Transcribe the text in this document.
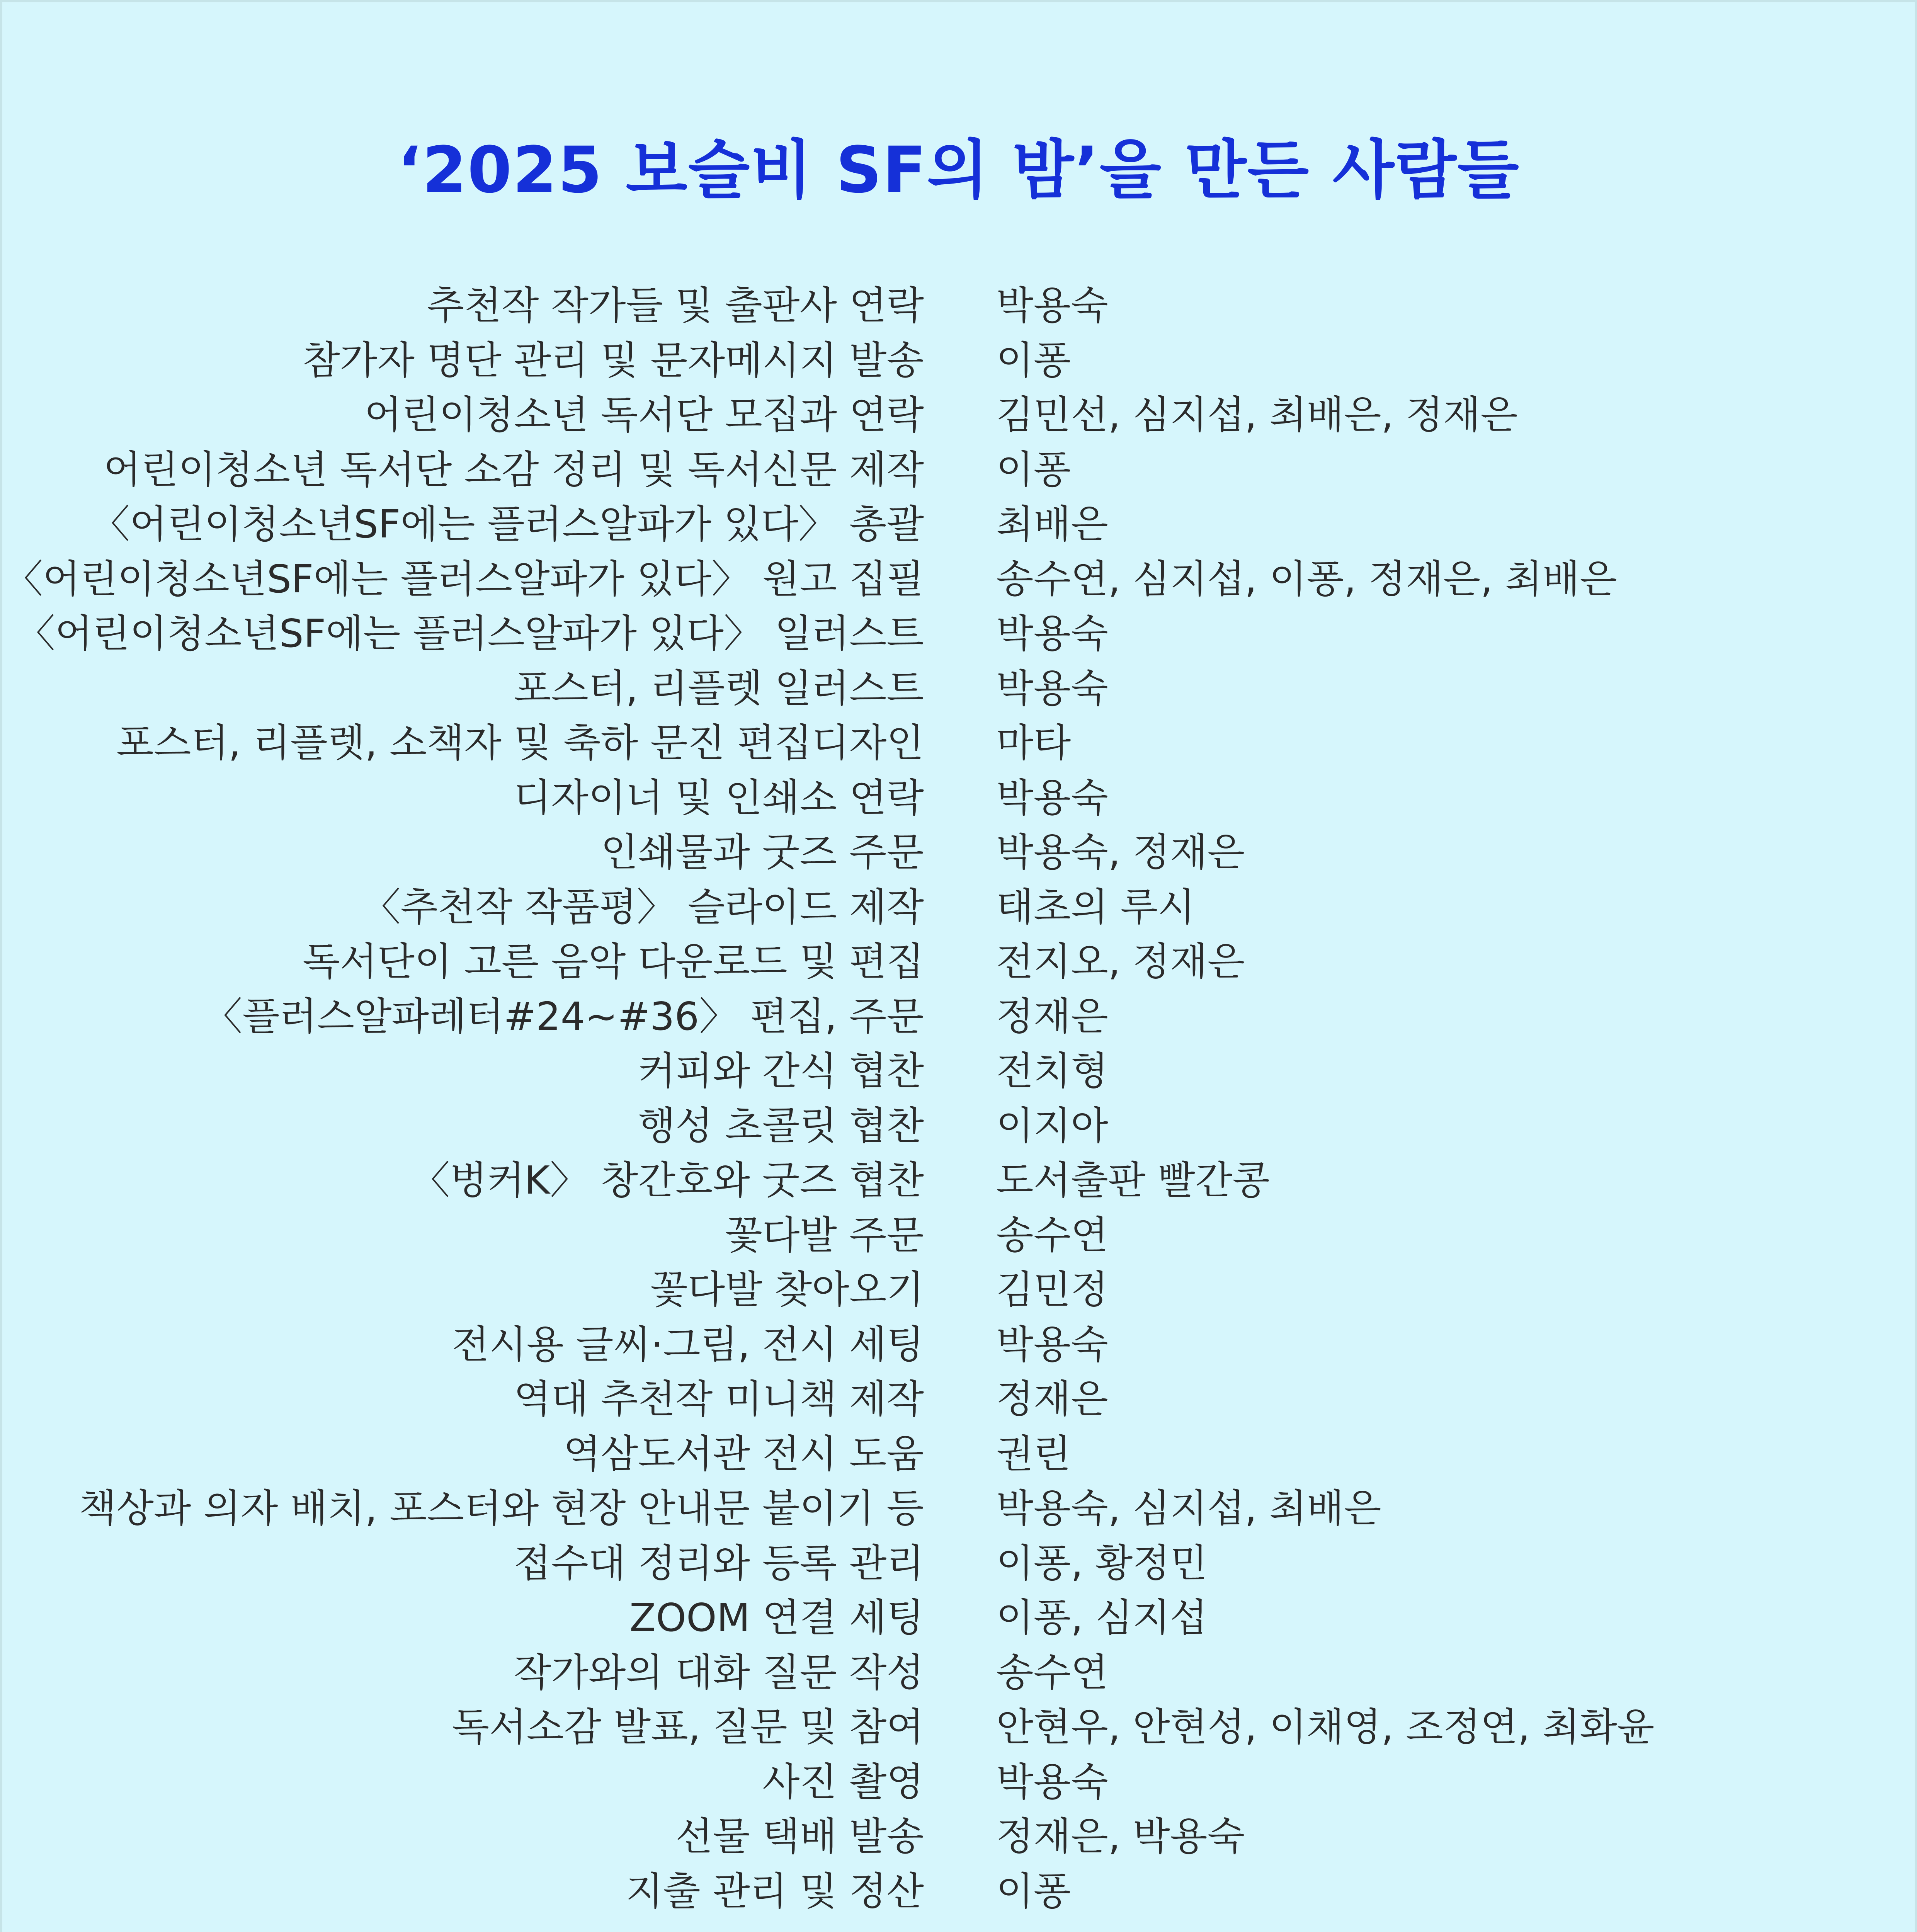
‘2025 보슬비 SF의 밤’을 만든 사람들
추천작 작가들 및 출판사 연락 박용숙
참가자 명단 관리 및 문자메시지 발송 이퐁
어린이청소년 독서단 모집과 연락 김민선, 심지섭, 최배은, 정재은
어린이청소년 독서단 소감 정리 및 독서신문 제작 이퐁
〈어린이청소년SF에는 플러스알파가 있다〉 총괄 최배은
〈어린이청소년SF에는 플러스알파가 있다〉 원고 집필 송수연, 심지섭, 이퐁, 정재은, 최배은
〈어린이청소년SF에는 플러스알파가 있다〉 일러스트 박용숙
포스터, 리플렛 일러스트 박용숙
포스터, 리플렛, 소책자 및 축하 문진 편집디자인 마타
디자이너 및 인쇄소 연락 박용숙
인쇄물과 굿즈 주문 박용숙, 정재은
〈추천작 작품평〉 슬라이드 제작 태초의 루시
독서단이 고른 음악 다운로드 및 편집 전지오, 정재은
〈플러스알파레터#24~#36〉 편집, 주문 정재은
커피와 간식 협찬 전치형
행성 초콜릿 협찬 이지아
〈벙커K〉 창간호와 굿즈 협찬 도서출판 빨간콩
꽃다발 주문 송수연
꽃다발 찾아오기 김민정
전시용 글씨·그림, 전시 세팅 박용숙
역대 추천작 미니책 제작 정재은
역삼도서관 전시 도움 권린
책상과 의자 배치, 포스터와 현장 안내문 붙이기 등 박용숙, 심지섭, 최배은
접수대 정리와 등록 관리 이퐁, 황정민
ZOOM 연결 세팅 이퐁, 심지섭
작가와의 대화 질문 작성 송수연
독서소감 발표, 질문 및 참여 안현우, 안현성, 이채영, 조정연, 최화윤
사진 촬영 박용숙
선물 택배 발송 정재은, 박용숙
지출 관리 및 정산 이퐁
